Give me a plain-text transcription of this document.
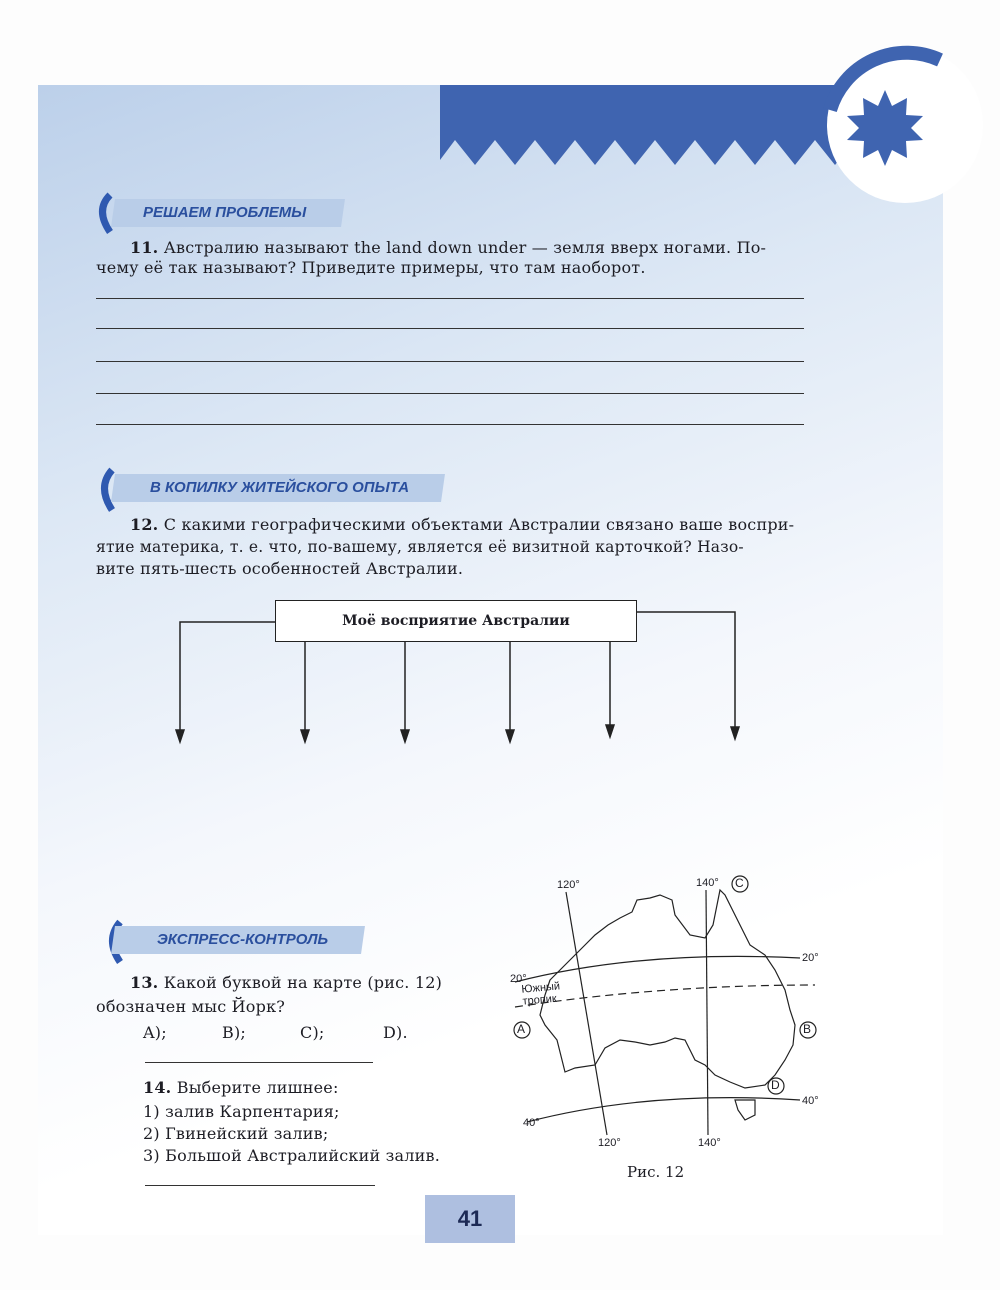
120°	140°
120°	140°
20°
20°
40°
40°
Южный тропик
A	B
C
D
РЕШАЕМ ПРОБЛЕМЫ
11. Австралию называют the land down under — земля вверх ногами. По-
чему её так называют? Приведите примеры, что там наоборот.
В КОПИЛКУ ЖИТЕЙСКОГО ОПЫТА
12. С какими географическими объектами Австралии связано ваше воспри-
ятие материка, т. е. что, по-вашему, является её визитной карточкой? Назо-
вите пять-шесть особенностей Австралии.
Моё восприятие Австралии
ЭКСПРЕСС-КОНТРОЛЬ
13. Какой буквой на карте (рис. 12)
обозначен мыс Йорк?
A);	B);	C);	D).
14. Выберите лишнее:
1) залив Карпентария;
2) Гвинейский залив;
3) Большой Австралийский залив.
Рис. 12
41
